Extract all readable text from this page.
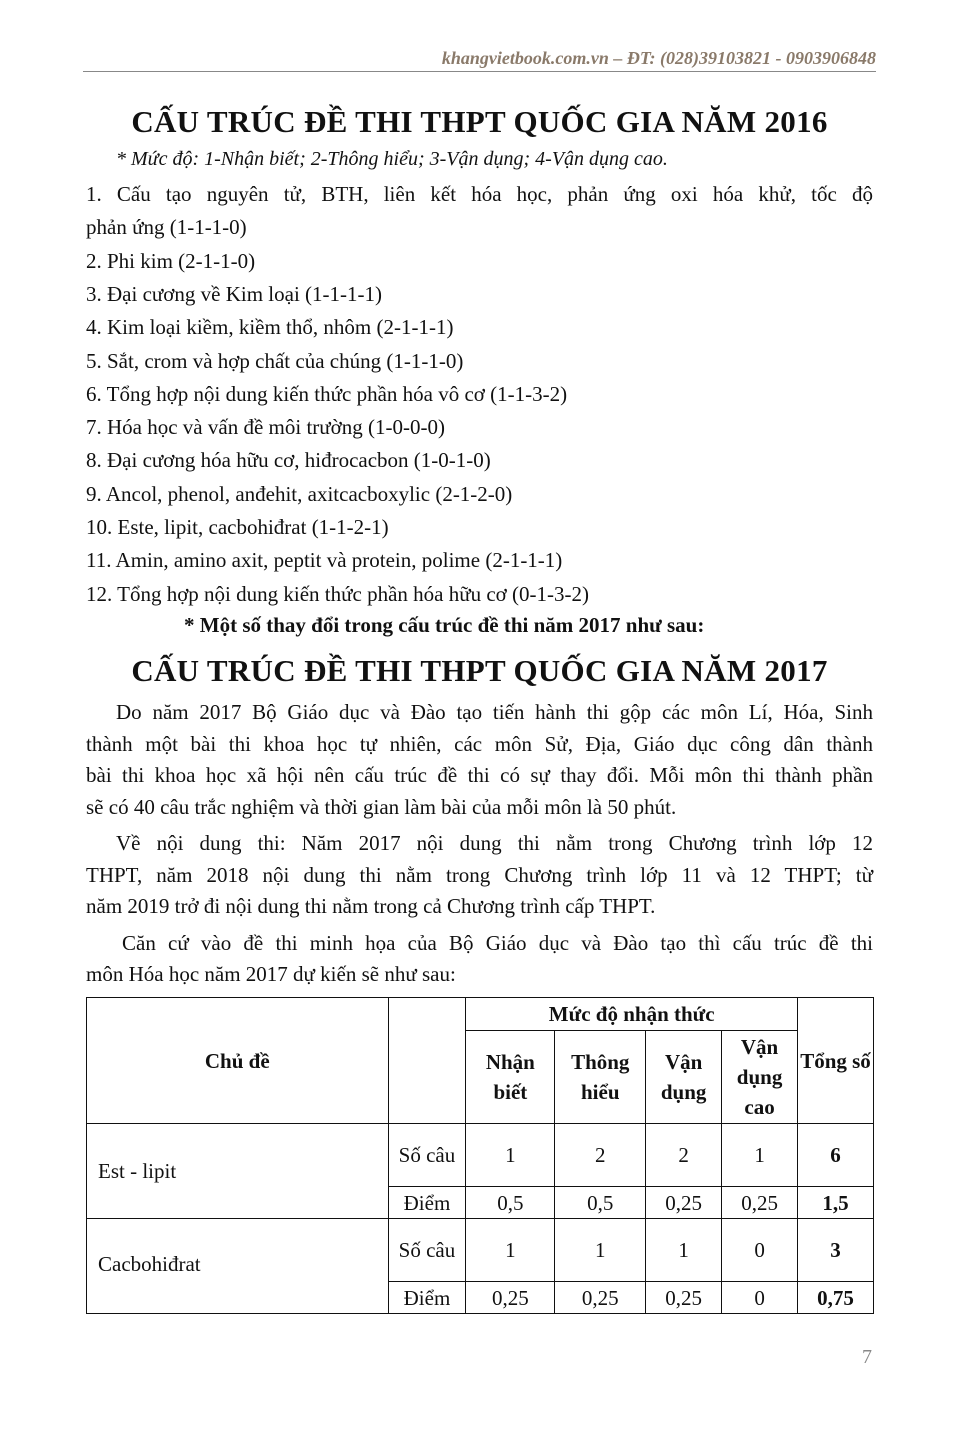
khangvietbook.com.vn – ĐT: (028)39103821 - 0903906848
CẤU TRÚC ĐỀ THI THPT QUỐC GIA NĂM 2016
* Mức độ: 1-Nhận biết; 2-Thông hiểu; 3-Vận dụng; 4-Vận dụng cao.
1. Cấu tạo nguyên tử, BTH, liên kết hóa học, phản ứng oxi hóa khử, tốc độ
phản ứng (1-1-1-0)
2. Phi kim (2-1-1-0)
3. Đại cương về Kim loại (1-1-1-1)
4. Kim loại kiềm, kiềm thổ, nhôm (2-1-1-1)
5. Sắt, crom và hợp chất của chúng (1-1-1-0)
6. Tổng hợp nội dung kiến thức phần hóa vô cơ (1-1-3-2)
7. Hóa học và vấn đề môi trường (1-0-0-0)
8. Đại cương hóa hữu cơ, hiđrocacbon (1-0-1-0)
9. Ancol, phenol, anđehit, axitcacboxylic (2-1-2-0)
10. Este, lipit, cacbohiđrat (1-1-2-1)
11. Amin, amino axit, peptit và protein, polime (2-1-1-1)
12. Tổng hợp nội dung kiến thức phần hóa hữu cơ (0-1-3-2)
* Một số thay đổi trong cấu trúc đề thi năm 2017 như sau:
CẤU TRÚC ĐỀ THI THPT QUỐC GIA NĂM 2017
Do năm 2017 Bộ Giáo dục và Đào tạo tiến hành thi gộp các môn Lí, Hóa, Sinh
thành một bài thi khoa học tự nhiên, các môn Sử, Địa, Giáo dục công dân thành
bài thi khoa học xã hội nên cấu trúc đề thi có sự thay đổi. Mỗi môn thi thành phần
sẽ có 40 câu trắc nghiệm và thời gian làm bài của mỗi môn là 50 phút.
Về nội dung thi: Năm 2017 nội dung thi nằm trong Chương trình lớp 12
THPT, năm 2018 nội dung thi nằm trong Chương trình lớp 11 và 12 THPT; từ
năm 2019 trở đi nội dung thi nằm trong cả Chương trình cấp THPT.
Căn cứ vào đề thi minh họa của Bộ Giáo dục và Đào tạo thì cấu trúc đề thi
môn Hóa học năm 2017 dự kiến sẽ như sau:
Chủ đề		Mức độ nhận thức				Tổng số
		Nhận biết	Thông hiểu	Vận dụng	Vận dụng cao	
Est - lipit	Số câu	1	2	2	1	6
	Điểm	0,5	0,5	0,25	0,25	1,5
Cacbohiđrat	Số câu	1	1	1	0	3
	Điểm	0,25	0,25	0,25	0	0,75
7
